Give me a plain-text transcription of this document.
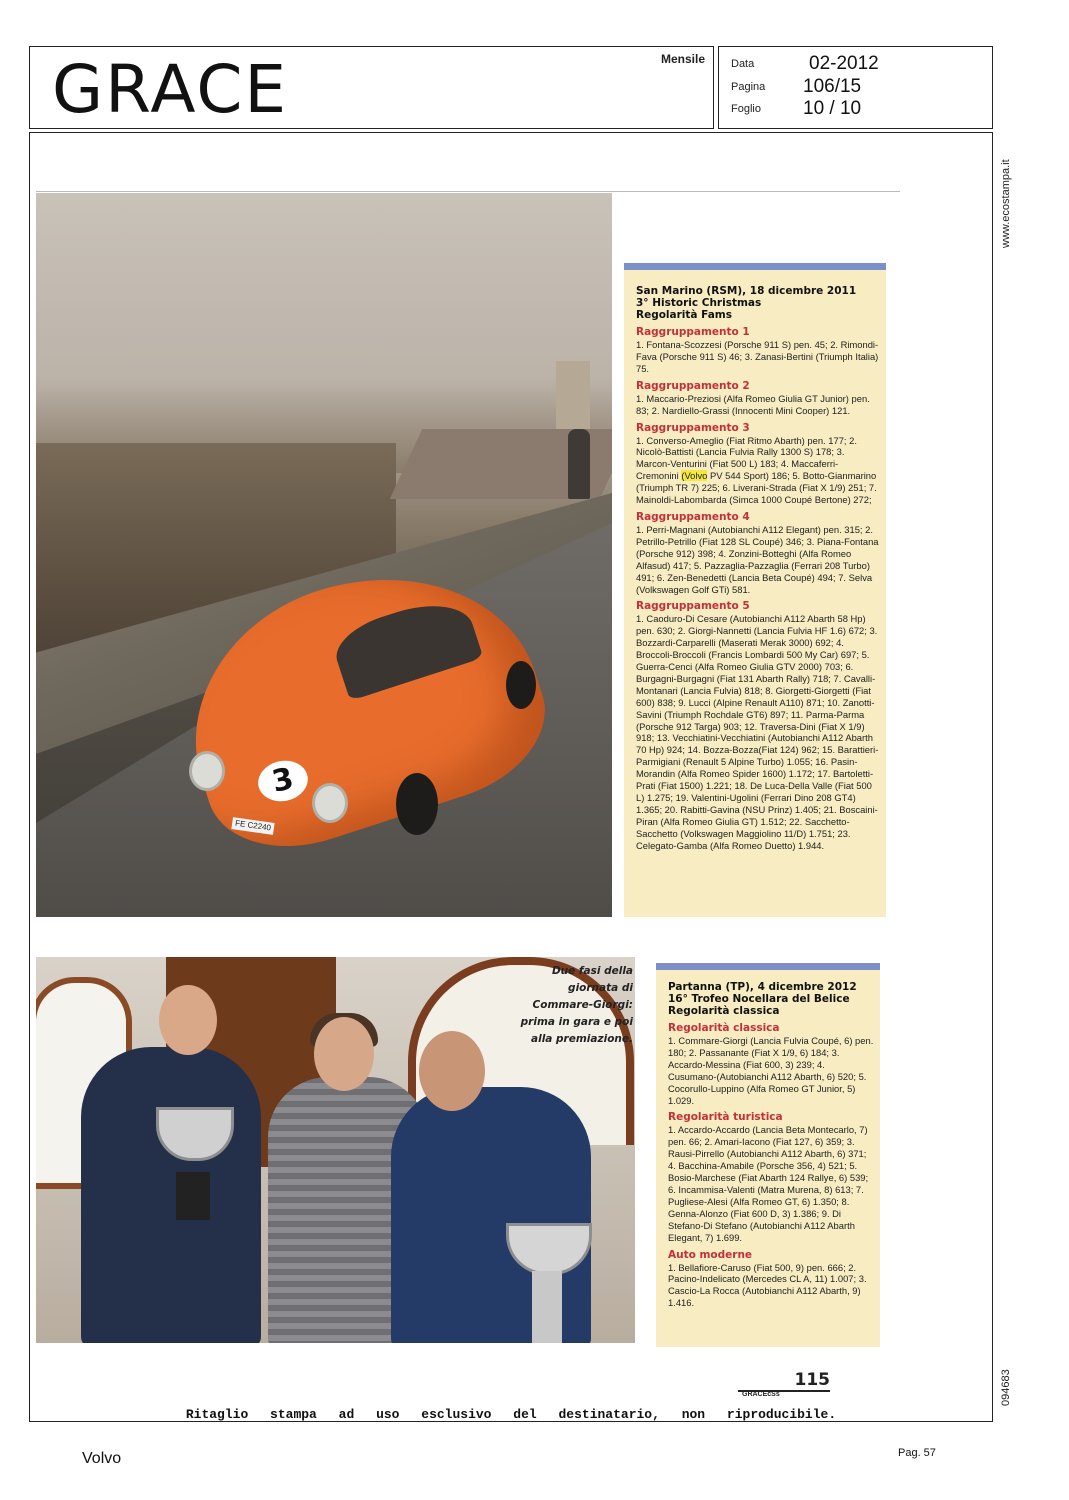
GRACE	Mensile Data	02-2012
Pagina 106/15
Foglio 10 / 10
www.ecostampa.it
094683
3
FE C2240

San Marino (RSM), 18 dicembre 2011

3° Historic Christmas

Regolarità Fams

Raggruppamento 1
1. Fontana-Scozzesi (Porsche 911 S) pen. 45; 2. Rimondi-Fava (Porsche 911 S) 46; 3. Zanasi-Bertini (Triumph Italia) 75.
Raggruppamento 2
1. Maccario-Preziosi (Alfa Romeo Giulia GT Junior) pen. 83; 2. Nardiello-Grassi (Innocenti Mini Cooper) 121.
Raggruppamento 3
1. Converso-Ameglio (Fiat Ritmo Abarth) pen. 177; 2. Nicolò-Battisti (Lancia Fulvia Rally 1300 S) 178; 3. Marcon-Venturini (Fiat 500 L) 183; 4. Maccaferri-Cremonini (Volvo PV 544 Sport) 186; 5. Botto-Gianmarino (Triumph TR 7) 225; 6. Liverani-Strada (Fiat X 1/9) 251; 7. Mainoldi-Labombarda (Simca 1000 Coupé Bertone) 272;
Raggruppamento 4
1. Perri-Magnani (Autobianchi A112 Elegant) pen. 315; 2. Petrillo-Petrillo (Fiat 128 SL Coupé) 346; 3. Piana-Fontana (Porsche 912) 398; 4. Zonzini-Botteghi (Alfa Romeo Alfasud) 417; 5. Pazzaglia-Pazzaglia (Ferrari 208 Turbo) 491; 6. Zen-Benedetti (Lancia Beta Coupé) 494; 7. Selva (Volkswagen Golf GTi) 581.
Raggruppamento 5
1. Caoduro-Di Cesare (Autobianchi A112 Abarth 58 Hp) pen. 630; 2. Giorgi-Nannetti (Lancia Fulvia HF 1.6) 672; 3. Bozzardi-Carparelli (Maserati Merak 3000) 692; 4. Broccoli-Broccoli (Francis Lombardi 500 My Car) 697; 5. Guerra-Cenci (Alfa Romeo Giulia GTV 2000) 703; 6. Burgagni-Burgagni (Fiat 131 Abarth Rally) 718; 7. Cavalli-Montanari (Lancia Fulvia) 818; 8. Giorgetti-Giorgetti (Fiat 600) 838; 9. Lucci (Alpine Renault A110) 871; 10. Zanotti-Savini (Triumph Rochdale GT6) 897; 11. Parma-Parma (Porsche 912 Targa) 903; 12. Traversa-Dini (Fiat X 1/9) 918; 13. Vecchiatini-Vecchiatini (Autobianchi A112 Abarth 70 Hp) 924; 14. Bozza-Bozza(Fiat 124) 962; 15. Barattieri-Parmigiani (Renault 5 Alpine Turbo) 1.055; 16. Pasin-Morandin (Alfa Romeo Spider 1600) 1.172; 17. Bartoletti-Prati (Fiat 1500) 1.221; 18. De Luca-Della Valle (Fiat 500 L) 1.275; 19. Valentini-Ugolini (Ferrari Dino 208 GT4) 1.365; 20. Rabitti-Gavina (NSU Prinz) 1.405; 21. Boscaini-Piran (Alfa Romeo Giulia GT) 1.512; 22. Sacchetto-Sacchetto (Volkswagen Maggiolino 11/D) 1.751; 23. Celegato-Gamba (Alfa Romeo Duetto) 1.944.
Due fasi della giornata di Commare-Giorgi: prima in gara e poi alla premiazione.

Partanna (TP), 4 dicembre 2012

16° Trofeo Nocellara del Belice

Regolarità classica

Regolarità classica
1. Commare-Giorgi (Lancia Fulvia Coupé, 6) pen. 180; 2. Passanante (Fiat X 1/9, 6) 184; 3. Accardo-Messina (Fiat 600, 3) 239; 4. Cusumano-(Autobianchi A112 Abarth, 6) 520; 5. Cocorullo-Luppino (Alfa Romeo GT Junior, 5) 1.029.
Regolarità turistica
1. Accardo-Accardo (Lancia Beta Montecarlo, 7) pen. 66; 2. Amari-Iacono (Fiat 127, 6) 359; 3. Rausi-Pirrello (Autobianchi A112 Abarth, 6) 371; 4. Bacchina-Amabile (Porsche 356, 4) 521; 5. Bosio-Marchese (Fiat Abarth 124 Rallye, 6) 539; 6. Incammisa-Valenti (Matra Murena, 8) 613; 7. Pugliese-Alesi (Alfa Romeo GT, 6) 1.350; 8. Genna-Alonzo (Fiat 600 D, 3) 1.386; 9. Di Stefano-Di Stefano (Autobianchi A112 Abarth Elegant, 7) 1.699.
Auto moderne
1. Bellafiore-Caruso (Fiat 500, 9) pen. 666; 2. Pacino-Indelicato (Mercedes CL A, 11) 1.007; 3. Cascio-La Rocca (Autobianchi A112 Abarth, 9) 1.416.
115
GRACEcSs
Ritaglio stampa ad uso esclusivo del destinatario, non riproducibile.
Volvo	Pag. 57
